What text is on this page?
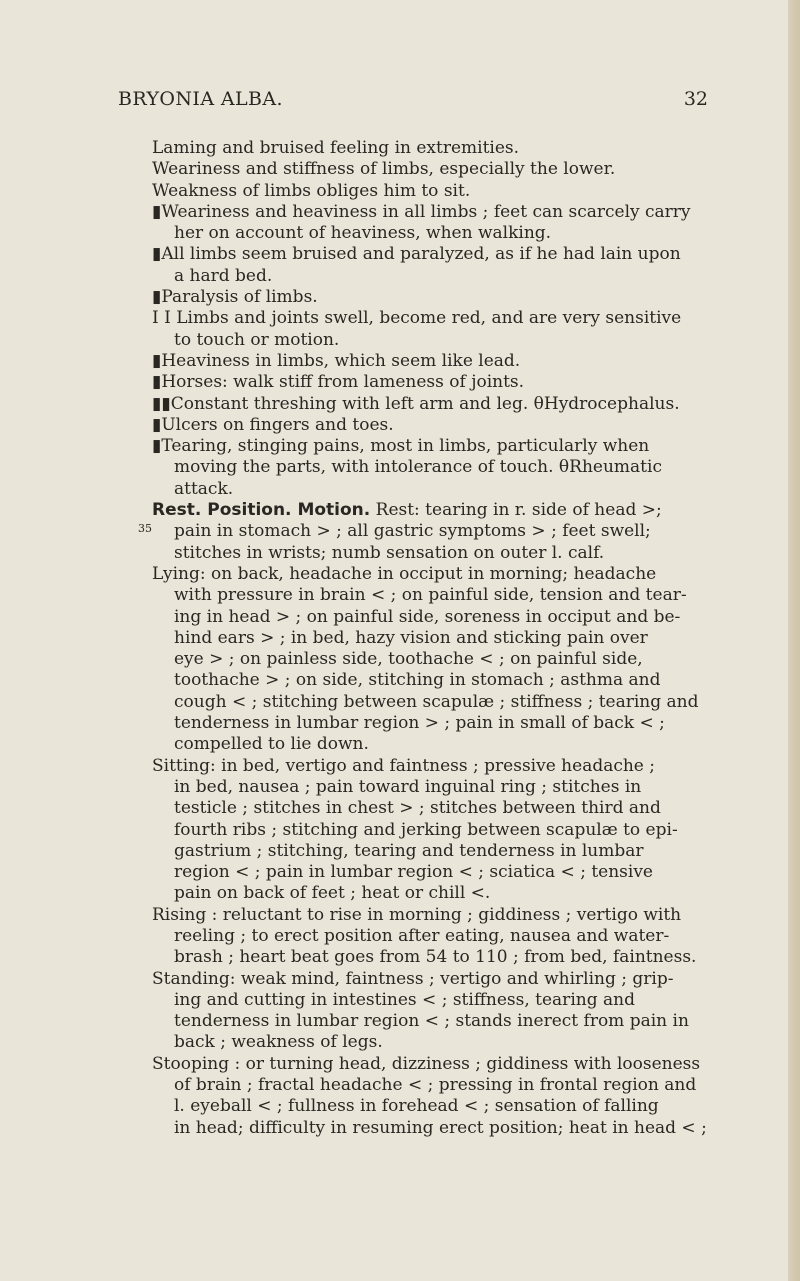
BRYONIA ALBA.	32
35
Laming and bruised feeling in extremities.
Weariness and stiffness of limbs, especially the lower.
Weakness of limbs obliges him to sit.
▮Weariness and heaviness in all limbs ; feet can scarcely carry
her on account of heaviness, when walking.
▮All limbs seem bruised and paralyzed, as if he had lain upon
a hard bed.
▮Paralysis of limbs.
I I Limbs and joints swell, become red, and are very sensitive
to touch or motion.
▮Heaviness in limbs, which seem like lead.
▮Horses: walk stiff from lameness of joints.
▮▮Constant threshing with left arm and leg. θHydrocephalus.
▮Ulcers on fingers and toes.
▮Tearing, stinging pains, most in limbs, particularly when
moving the parts, with intolerance of touch. θRheumatic
attack.
Rest. Position. Motion. Rest: tearing in r. side of head >;
pain in stomach > ; all gastric symptoms > ; feet swell;
stitches in wrists; numb sensation on outer l. calf.
Lying: on back, headache in occiput in morning; headache
with pressure in brain < ; on painful side, tension and tear-
ing in head > ; on painful side, soreness in occiput and be-
hind ears > ; in bed, hazy vision and sticking pain over
eye > ; on painless side, toothache < ; on painful side,
toothache > ; on side, stitching in stomach ; asthma and
cough < ; stitching between scapulæ ; stiffness ; tearing and
tenderness in lumbar region > ; pain in small of back < ;
compelled to lie down.
Sitting: in bed, vertigo and faintness ; pressive headache ;
in bed, nausea ; pain toward inguinal ring ; stitches in
testicle ; stitches in chest > ; stitches between third and
fourth ribs ; stitching and jerking between scapulæ to epi-
gastrium ; stitching, tearing and tenderness in lumbar
region < ; pain in lumbar region < ; sciatica < ; tensive
pain on back of feet ; heat or chill <.
Rising : reluctant to rise in morning ; giddiness ; vertigo with
reeling ; to erect position after eating, nausea and water-
brash ; heart beat goes from 54 to 110 ; from bed, faintness.
Standing: weak mind, faintness ; vertigo and whirling ; grip-
ing and cutting in intestines < ; stiffness, tearing and
tenderness in lumbar region < ; stands inerect from pain in
back ; weakness of legs.
Stooping : or turning head, dizziness ; giddiness with looseness
of brain ; fractal headache < ; pressing in frontal region and
l. eyeball < ; fullness in forehead < ; sensation of falling
in head; difficulty in resuming erect position; heat in head < ;
